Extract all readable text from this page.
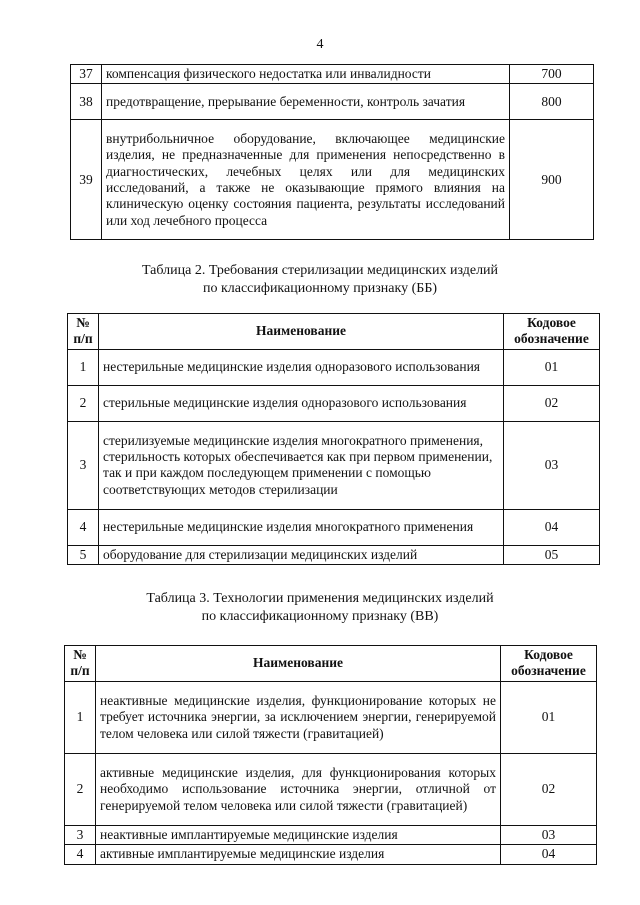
4
37	компенсация физического недостатка или инвалидности	700
38	предотвращение, прерывание беременности, контроль зачатия	800
39	внутрибольничное оборудование, включающее медицинские изделия, не предназначенные для применения непосредственно в диагностических, лечебных целях или для медицинских исследований, а также не оказывающие прямого влияния на клиническую оценку состояния пациента, результаты исследований или ход лечебного процесса	900
Таблица 2. Требования стерилизации медицинских изделий
по классификационному признаку (ББ)
№ п/п	Наименование	Кодовое обозначение
1	нестерильные медицинские изделия одноразового использования	01
2	стерильные медицинские изделия одноразового использования	02
3	стерилизуемые медицинские изделия многократного применения, стерильность которых обеспечивается как при первом применении, так и при каждом последующем применении с помощью соответствующих методов стерилизации	03
4	нестерильные медицинские изделия многократного применения	04
5	оборудование для стерилизации медицинских изделий	05
Таблица 3. Технологии применения медицинских изделий
по классификационному признаку (ВВ)
№ п/п	Наименование	Кодовое обозначение
1	неактивные медицинские изделия, функционирование которых не требует источника энергии, за исключением энергии, генерируемой телом человека или силой тяжести (гравитацией)	01
2	активные медицинские изделия, для функционирования которых необходимо использование источника энергии, отличной от генерируемой телом человека или силой тяжести (гравитацией)	02
3	неактивные имплантируемые медицинские изделия	03
4	активные имплантируемые медицинские изделия	04
